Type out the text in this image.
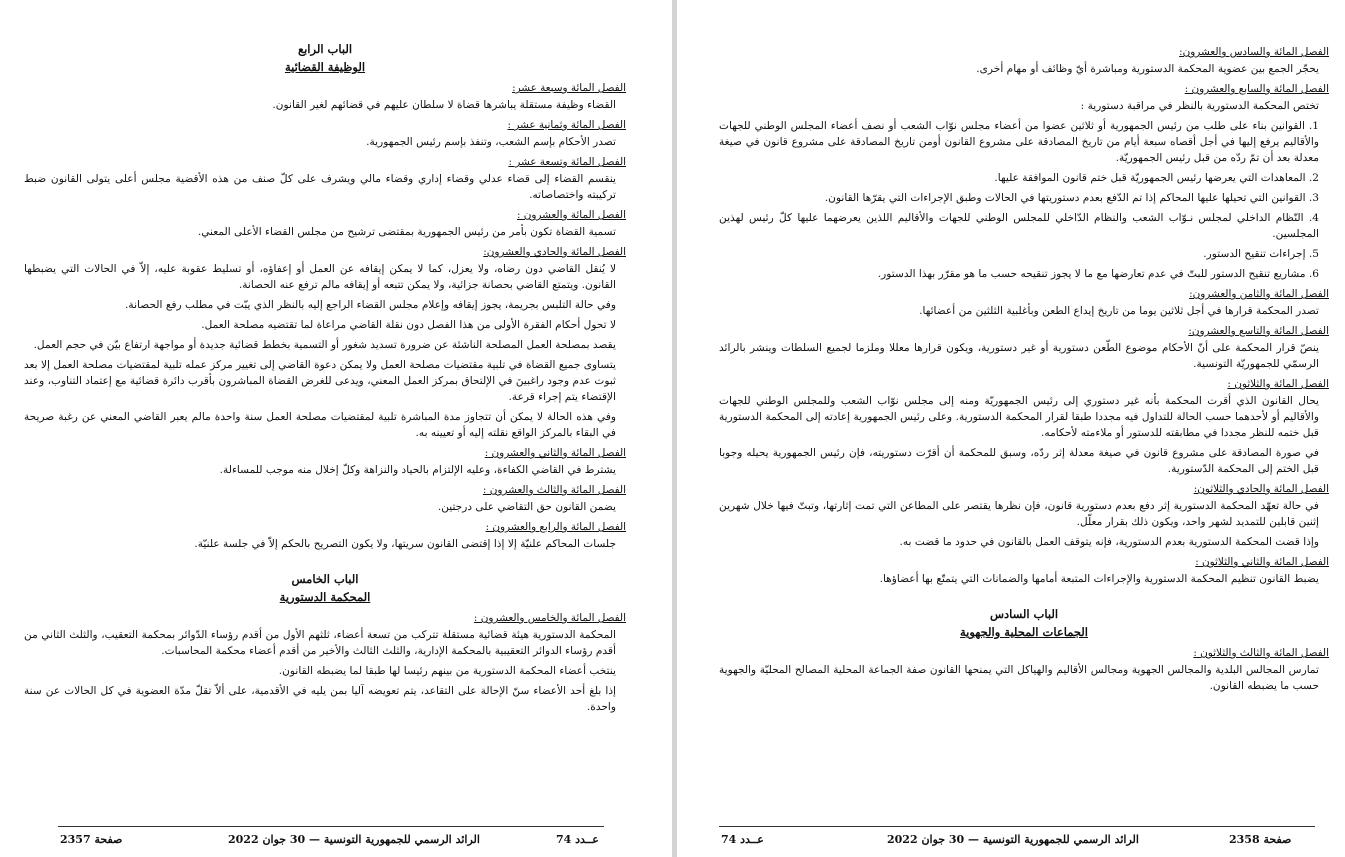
الباب الرابع
الوظيفة القضائية
الفصل المائة وسبعة عشر:
القضاء وظيفة مستقلة يباشرها قضاة لا سلطان عليهم في قضائهم لغير القانون.
الفصل المائة وثمانية عشر :
تصدر الأحكام بإسم الشعب، وتنفذ بإسم رئيس الجمهورية.
الفصل المائة وتسعة عشر :
ينقسم القضاء إلى قضاء عدلي وقضاء إداري وقضاء مالي ويشرف على كلّ صنف من هذه الأقضية مجلس أعلى يتولى القانون ضبط تركيبته واختصاصاته.
الفصل المائة والعشرون :
تسمية القضاة تكون بأمر من رئيس الجمهورية بمقتضى ترشيح من مجلس القضاء الأعلى المعني.
الفصل المائة والحادي والعشرون:
لا يُنقل القاضي دون رضاه، ولا يعزل، كما لا يمكن إيقافه عن العمل أو إعفاؤه، أو تسليط عقوبة عليه، إلاّ في الحالات التي يضبطها القانون. ويتمتع القاضي بحصانة جزائية، ولا يمكن تتبعه أو إيقافه مالم ترفع عنه الحصانة.
وفي حالة التلبس بجريمة، يجوز إيقافه وإعلام مجلس القضاء الراجع إليه بالنظر الذي يبّت في مطلب رفع الحصانة.
لا تحول أحكام الفقرة الأولى من هذا الفصل دون نقلة القاضي مراعاة لما تقتضيه مصلحة العمل.
يقصد بمصلحة العمل المصلحة الناشئة عن ضرورة تسديد شغور أو التسمية بخطط قضائية جديدة أو مواجهة ارتفاع بيّن في حجم العمل.
يتساوى جميع القضاة في تلبية مقتضيات مصلحة العمل ولا يمكن دعوة القاضي إلى تغيير مركز عمله تلبية لمقتضيات مصلحة العمل إلا بعد ثبوت عدم وجود راغبينَ في الإلتحاق بمركز العمل المعني، ويدعى للغرض القضاة المباشرون بأقرب دائرة قضائية مع إعتماد التناوب، وعند الإقتضاء يتم إجراء قرعة.
وفي هذه الحالة لا يمكن أن تتجاوز مدة المباشرة تلبية لمقتضيات مصلحة العمل سنة واحدة مالم يعبر القاضي المعني عن رغبة صريحة في البقاء بالمركز الواقع نقلته إليه أو تعيينه به.
الفصل المائة والثاني والعشرون :
يشترط في القاضي الكفاءة، وعليه الإلتزام بالحياد والنزاهة وكلّ إخلال منه موجب للمساءلة.
الفصل المائة والثالث والعشرون :
يضمن القانون حق التقاضي على درجتين.
الفصل المائة والرابع والعشرون :
جلسات المحاكم علنيّة إلا إذا إقتضى القانون سريتها، ولا يكون التصريح بالحكم إلاّ في جلسة علنيّة.
الباب الخامس
المحكمة الدستورية
الفصل المائة والخامس والعشرون :
المحكمة الدستورية هيئة قضائية مستقلة تتركب من تسعة أعضاء، ثلثهم الأول من أقدم رؤساء الدّوائر بمحكمة التعقيب، والثلث الثاني من أقدم رؤساء الدوائر التعقيبية بالمحكمة الإدارية، والثلث الثالث والأخير من أقدم أعضاء محكمة المحاسبات.
ينتخب أعضاء المحكمة الدستورية من بينهم رئيسا لها طبقا لما يضبطه القانون.
إذا بلغ أحد الأعضاء سنّ الإحالة على التقاعد، يتم تعويضه آليا بمن يليه في الأقدمية، على ألاّ تقلّ مدّة العضوية في كل الحالات عن سنة واحدة.
صفحة 2357	الرائد الرسمي للجمهورية التونسية — 30 جوان 2022	عــدد 74
الفصل المائة والسادس والعشرون:
يحجّر الجمع بين عضوية المحكمة الدستورية ومباشرة أيّ وظائف أو مهام أخرى.
الفصل المائة والسابع والعشرون :
تختص المحكمة الدستورية بالنظر في مراقبة دستورية :
1. القوانين بناء على طلب من رئيس الجمهورية أو ثلاثين عضوا من أعضاء مجلس نوّاب الشعب أو نصف أعضاء المجلس الوطني للجهات والأقاليم يرفع إليها في أجل أقصاه سبعة أيام من تاريخ المصادقة على مشروع القانون أومن تاريخ المصادقة على مشروع قانون في صيغة معدلة بعد أن تمّ ردّه من قبل رئيس الجمهوريّة.
2. المعاهدات التي يعرضها رئيس الجمهوريّة قبل ختم قانون الموافقة عليها.
3. القوانين التي تحيلها عليها المحاكم إذا تم الدّفع بعدم دستوريتها في الحالات وطبق الإجراءات التي يقرّها القانون.
4. النّظام الداخلي لمجلس نـوّاب الشعب والنظام الدّاخلي للمجلس الوطني للجهات والأقاليم اللذين يعرضهما عليها كلّ رئيس لهذين المجلسين.
5. إجراءات تنقيح الدستور.
6. مشاريع تنقيح الدستور للبتّ في عدم تعارضها مع ما لا يجوز تنقيحه حسب ما هو مقرّر بهذا الدستور.
الفصل المائة والثامن والعشرون:
تصدر المحكمة قرارها في أجل ثلاثين يوما من تاريخ إيداع الطعن وبأغلبية الثلثين من أعضائها.
الفصل المائة والتاسع والعشرون:
ينصّ قرار المحكمة على أنّ الأحكام موضوع الطّعن دستورية أو غير دستورية، ويكون قرارها معللا وملزما لجميع السلطات وينشر بالرائد الرسمّي للجمهوريّة التونسية.
الفصل المائة والثلاثون :
يحال القانون الذي أقرت المحكمة بأنه غير دستوري إلى رئيس الجمهوريّة ومنه إلى مجلس نوّاب الشعب وللمجلس الوطني للجهات والأقاليم أو لأحدهما حسب الحالة للتداول فيه مجددا طبقا لقرار المحكمة الدستورية. وعلى رئيس الجمهورية إعادته إلى المحكمة الدستورية قبل ختمه للنظر مجددا في مطابقته للدستور أو ملاءمته لأحكامه.
في صورة المصادقة على مشروع قانون في صيغة معدلة إثر ردّه، وسبق للمحكمة أن أقرّت دستوريته، فإن رئيس الجمهورية يحيله وجوبا قبل الختم إلى المحكمة الدّستورية.
الفصل المائة والحادي والثلاثون:
في حالة تعهّد المحكمة الدستورية إثر دفع بعدم دستورية قانون، فإن نظرها يقتصر على المطاعن التي تمت إثارتها، وتبتّ فيها خلال شهرين إثنين قابلين للتمديد لشهر واحد، ويكون ذلك بقرار معلّل.
وإذا قضت المحكمة الدستورية بعدم الدستورية، فإنه يتوقف العمل بالقانون في حدود ما قضت به.
الفصل المائة والثاني والثلاثون :
يضبط القانون تنظيم المحكمة الدستورية والإجراءات المتبعة أمامها والضمانات التي يتمتّع بها أعضاؤها.
الباب السادس
الجماعات المحلية والجهوية
الفصل المائة والثالث والثلاثون :
تمارس المجالس البلدية والمجالس الجهوية ومجالس الأقاليم والهياكل التي يمنحها القانون صفة الجماعة المحلية المصالح المحليّة والجهوية حسب ما يضبطه القانون.
عــدد 74	الرائد الرسمي للجمهورية التونسية — 30 جوان 2022	صفحة 2358
